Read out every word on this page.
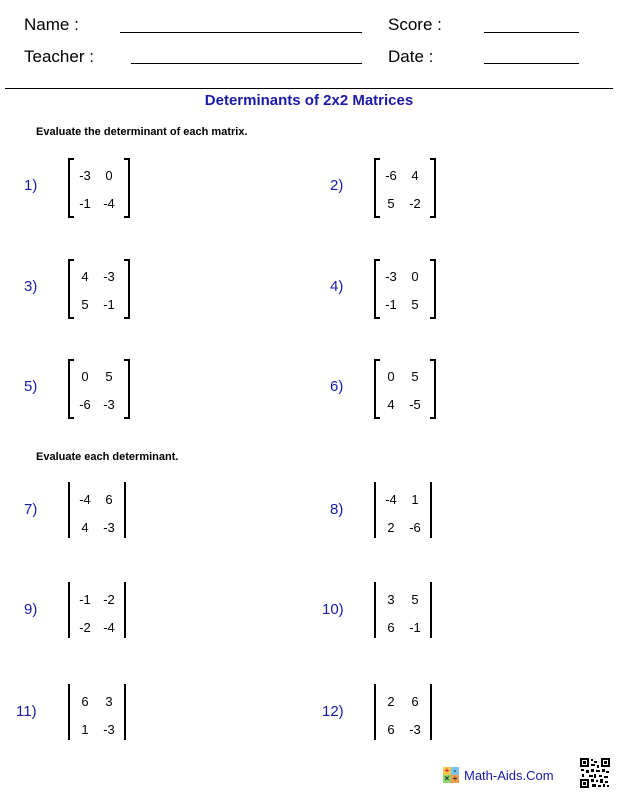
Name :	Score :
Teacher :	Date :
Determinants of 2x2 Matrices
Evaluate the determinant of each matrix.
Evaluate each determinant.
1)
-3	0
-1 -4
7)
-4	6
4	-3
2)
-6	4
5	-2
8)
-4	1
2	-6
3)
4	-3
5	-1
9)
-1 -2
-2 -4
4)
-3	0
-1	5
10)
3	5
6	-1
5)
0	5
-6 -3
11)
6	3
1	-3
6)
0	5
4	-5
12)
2	6
6	-3
+ -
× ÷ Math-Aids.Com
